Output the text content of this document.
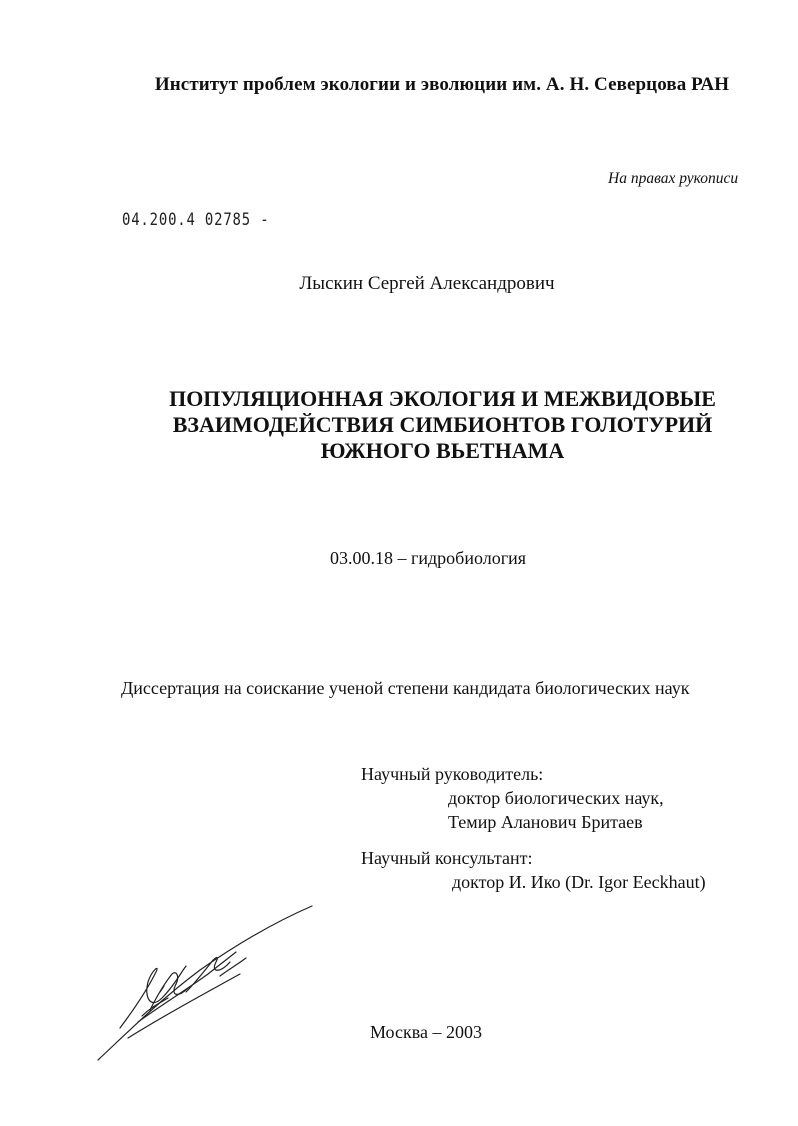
Институт проблем экологии и эволюции им. А. Н. Северцова РАН
На правах рукописи
04.200.4 02785 -
Лыскин Сергей Александрович
ПОПУЛЯЦИОННАЯ ЭКОЛОГИЯ И МЕЖВИДОВЫЕ
ВЗАИМОДЕЙСТВИЯ СИМБИОНТОВ ГОЛОТУРИЙ
ЮЖНОГО ВЬЕТНАМА
03.00.18 – гидробиология
Диссертация на соискание ученой степени кандидата биологических наук
Научный руководитель:
доктор биологических наук,
Темир Аланович Бритаев
Научный консультант:
доктор И. Ико (Dr. Igor Eeckhaut)
Москва – 2003
